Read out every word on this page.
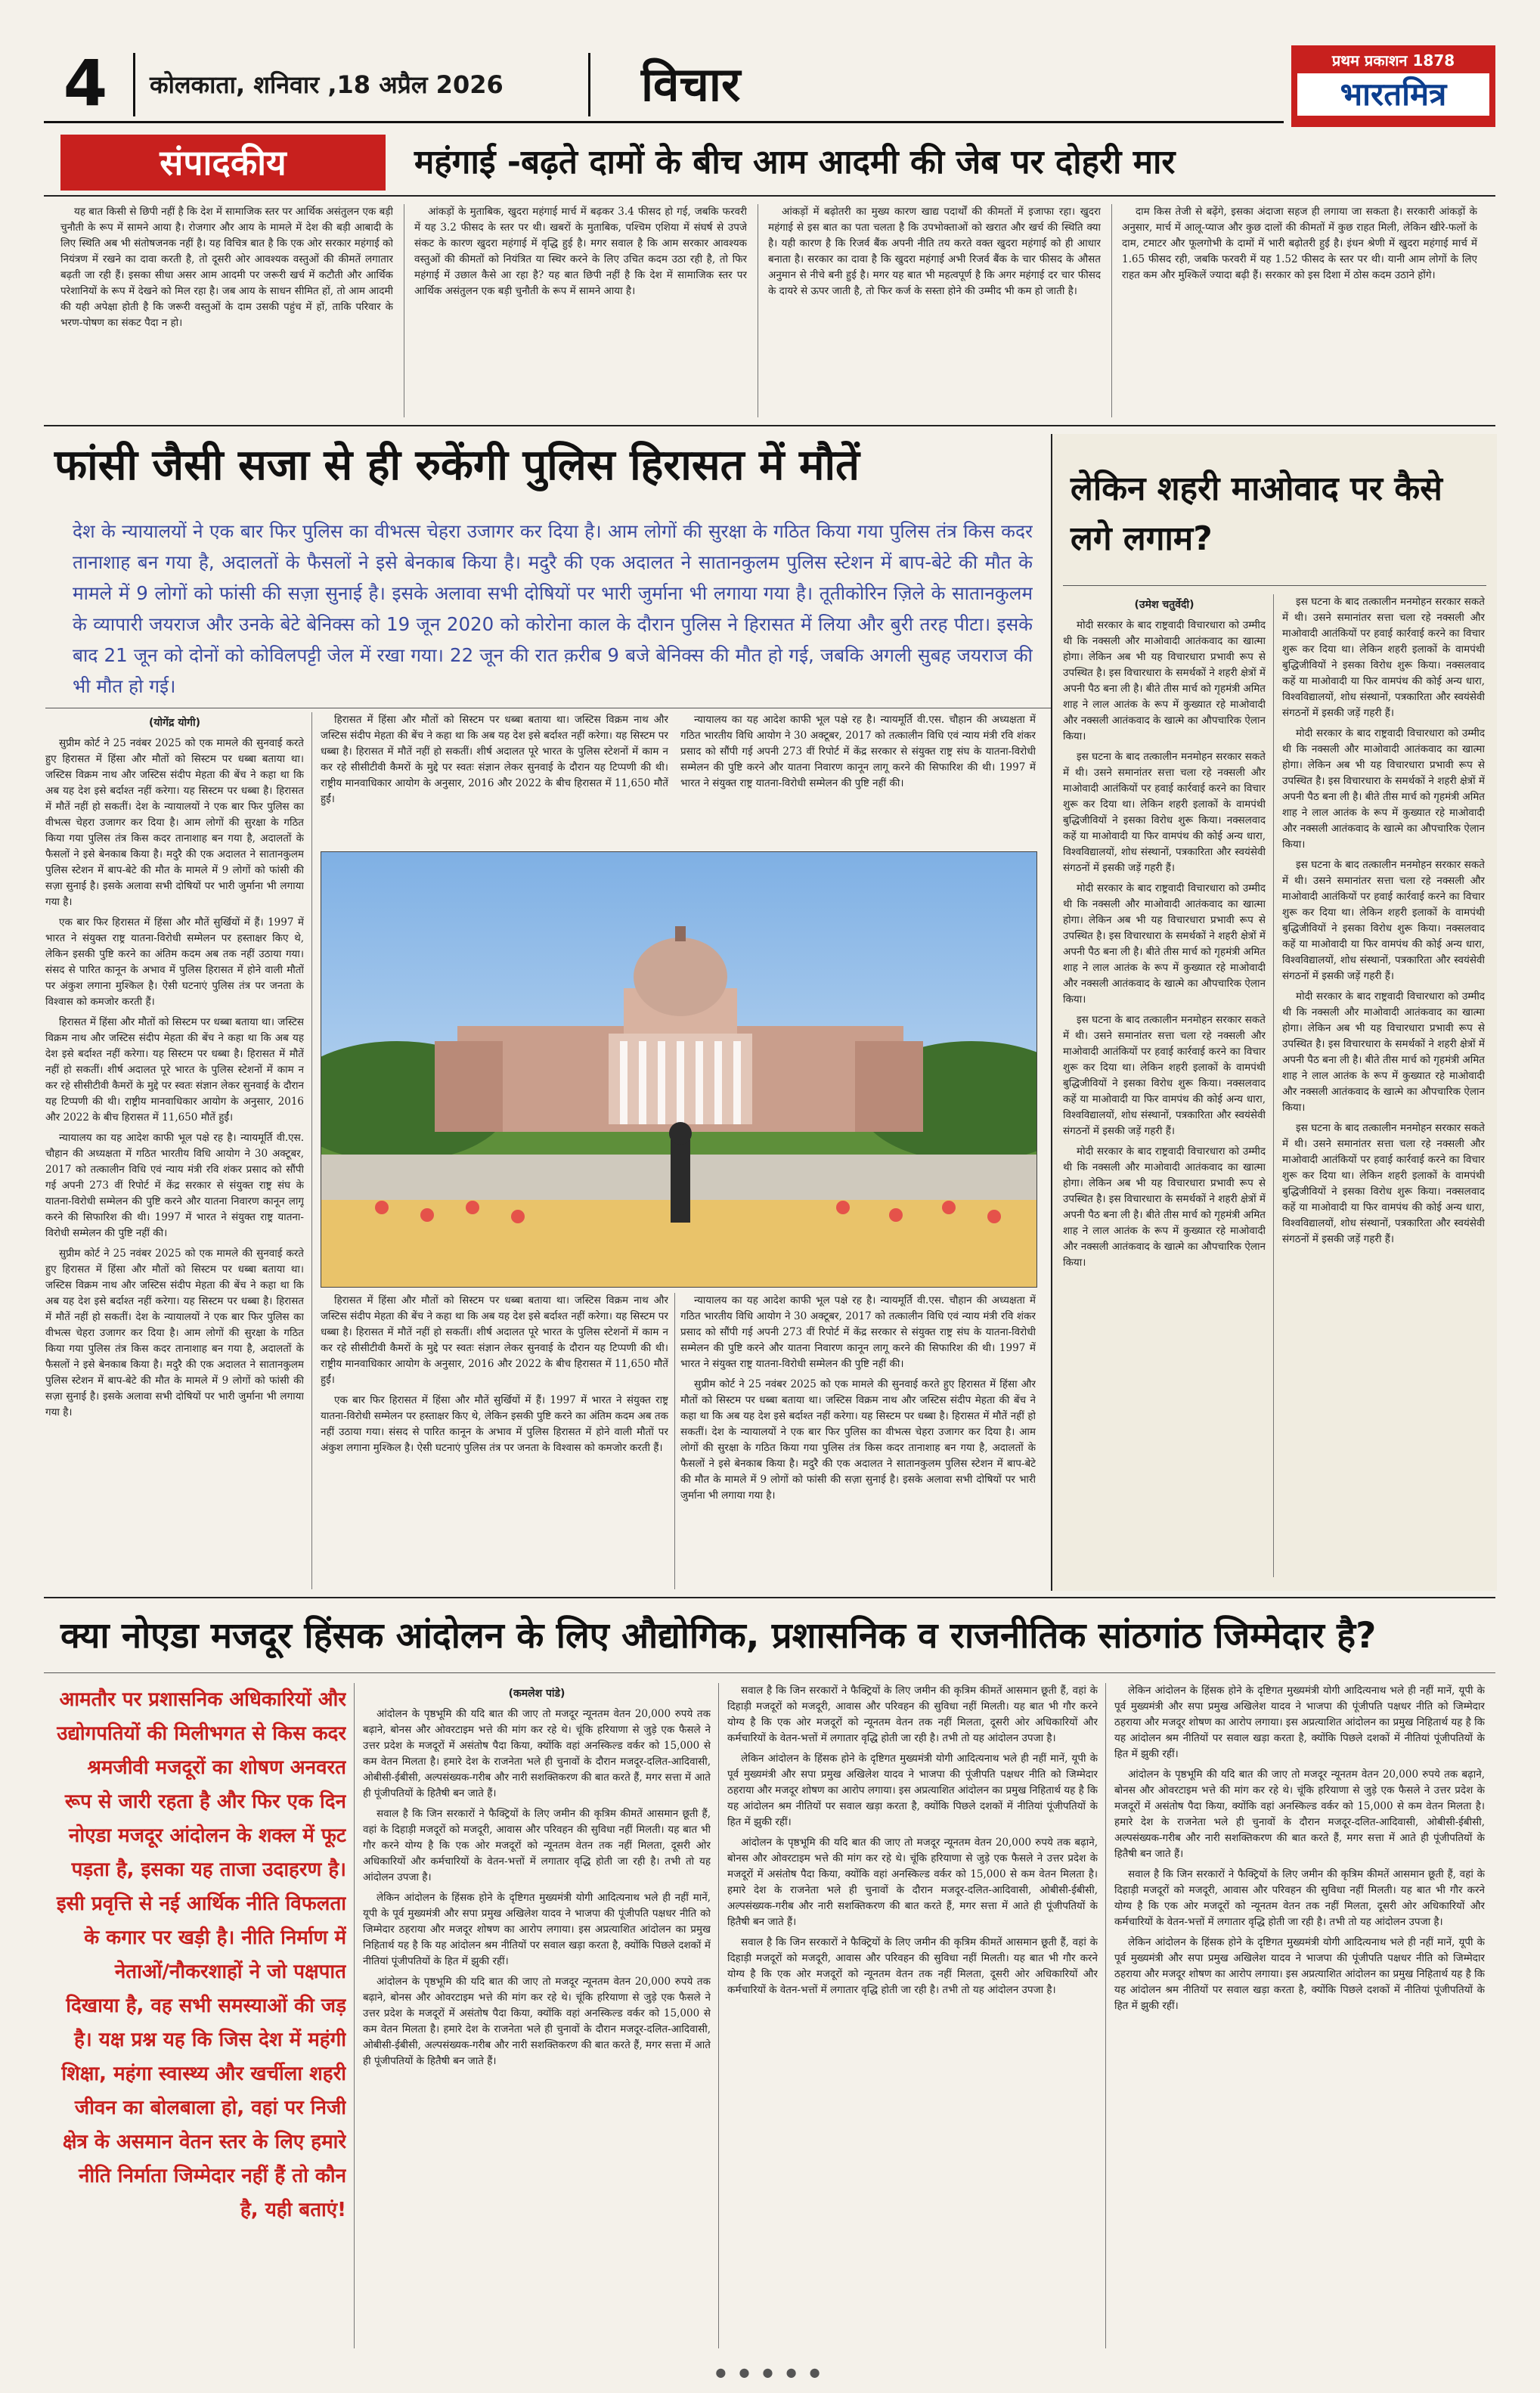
4	कोलकाता, शनिवार ,18 अप्रैल 2026	विचार	प्रथम प्रकाशन 1878
भारतमित्र
संपादकीय	महंगाई -बढ़ते दामों के बीच आम आदमी की जेब पर दोहरी मार

यह बात किसी से छिपी नहीं है कि देश में सामाजिक स्तर पर आर्थिक असंतुलन एक बड़ी चुनौती के रूप में सामने आया है। रोजगार और आय के मामले में देश की बड़ी आबादी के लिए स्थिति अब भी संतोषजनक नहीं है। यह विचित्र बात है कि एक ओर सरकार महंगाई को नियंत्रण में रखने का दावा करती है, तो दूसरी ओर आवश्यक वस्तुओं की कीमतें लगातार बढ़ती जा रही हैं। इसका सीधा असर आम आदमी पर जरूरी खर्च में कटौती और आर्थिक परेशानियों के रूप में देखने को मिल रहा है। जब आय के साधन सीमित हों, तो आम आदमी की यही अपेक्षा होती है कि जरूरी वस्तुओं के दाम उसकी पहुंच में हों, ताकि परिवार के भरण-पोषण का संकट पैदा न हो।

आंकड़ों के मुताबिक, खुदरा महंगाई मार्च में बढ़कर 3.4 फीसद हो गई, जबकि फरवरी में यह 3.2 फीसद के स्तर पर थी। खबरों के मुताबिक, पश्चिम एशिया में संघर्ष से उपजे संकट के कारण खुदरा महंगाई में वृद्धि हुई है। मगर सवाल है कि आम सरकार आवश्यक वस्तुओं की कीमतों को नियंत्रित या स्थिर करने के लिए उचित कदम उठा रही है, तो फिर महंगाई में उछाल कैसे आ रहा है? यह बात छिपी नहीं है कि देश में सामाजिक स्तर पर आर्थिक असंतुलन एक बड़ी चुनौती के रूप में सामने आया है।

आंकड़ों में बढ़ोतरी का मुख्य कारण खाद्य पदार्थों की कीमतों में इजाफा रहा। खुदरा महंगाई से इस बात का पता चलता है कि उपभोक्ताओं को खरात और खर्च की स्थिति क्या है। यही कारण है कि रिजर्व बैंक अपनी नीति तय करते वक्त खुदरा महंगाई को ही आधार बनाता है। सरकार का दावा है कि खुदरा महंगाई अभी रिजर्व बैंक के चार फीसद के औसत अनुमान से नीचे बनी हुई है। मगर यह बात भी महत्वपूर्ण है कि अगर महंगाई दर चार फीसद के दायरे से ऊपर जाती है, तो फिर कर्ज के सस्ता होने की उम्मीद भी कम हो जाती है।

दाम किस तेजी से बढ़ेंगे, इसका अंदाजा सहज ही लगाया जा सकता है। सरकारी आंकड़ों के अनुसार, मार्च में आलू-प्याज और कुछ दालों की कीमतों में कुछ राहत मिली, लेकिन खीरे-फलों के दाम, टमाटर और फूलगोभी के दामों में भारी बढ़ोतरी हुई है। इंधन श्रेणी में खुदरा महंगाई मार्च में 1.65 फीसद रही, जबकि फरवरी में यह 1.52 फीसद के स्तर पर थी। यानी आम लोगों के लिए राहत कम और मुश्किलें ज्यादा बढ़ी हैं। सरकार को इस दिशा में ठोस कदम उठाने होंगे।

फांसी जैसी सजा से ही रुकेंगी पुलिस हिरासत में मौतें
देश के न्यायालयों ने एक बार फिर पुलिस का वीभत्स चेहरा उजागर कर दिया है। आम लोगों की सुरक्षा के गठित किया गया पुलिस तंत्र किस कदर तानाशाह बन गया है, अदालतों के फैसलों ने इसे बेनकाब किया है। मदुरै की एक अदालत ने सातानकुलम पुलिस स्टेशन में बाप-बेटे की मौत के मामले में 9 लोगों को फांसी की सज़ा सुनाई है। इसके अलावा सभी दोषियों पर भारी जुर्माना भी लगाया गया है। तूतीकोरिन ज़िले के सातानकुलम के व्यापारी जयराज और उनके बेटे बेनिक्स को 19 जून 2020 को कोरोना काल के दौरान पुलिस ने हिरासत में लिया और बुरी तरह पीटा। इसके बाद 21 जून को दोनों को कोविलपट्टी जेल में रखा गया। 22 जून की रात क़रीब 9 बजे बेनिक्स की मौत हो गई, जबकि अगली सुबह जयराज की भी मौत हो गई।
(योगेंद्र योगी)

सुप्रीम कोर्ट ने 25 नवंबर 2025 को एक मामले की सुनवाई करते हुए हिरासत में हिंसा और मौतों को सिस्टम पर धब्बा बताया था। जस्टिस विक्रम नाथ और जस्टिस संदीप मेहता की बेंच ने कहा था कि अब यह देश इसे बर्दाश्त नहीं करेगा। यह सिस्टम पर धब्बा है। हिरासत में मौतें नहीं हो सकतीं। देश के न्यायालयों ने एक बार फिर पुलिस का वीभत्स चेहरा उजागर कर दिया है। आम लोगों की सुरक्षा के गठित किया गया पुलिस तंत्र किस कदर तानाशाह बन गया है, अदालतों के फैसलों ने इसे बेनकाब किया है। मदुरै की एक अदालत ने सातानकुलम पुलिस स्टेशन में बाप-बेटे की मौत के मामले में 9 लोगों को फांसी की सज़ा सुनाई है। इसके अलावा सभी दोषियों पर भारी जुर्माना भी लगाया गया है।

एक बार फिर हिरासत में हिंसा और मौतें सुर्खियों में हैं। 1997 में भारत ने संयुक्त राष्ट्र यातना-विरोधी सम्मेलन पर हस्ताक्षर किए थे, लेकिन इसकी पुष्टि करने का अंतिम कदम अब तक नहीं उठाया गया। संसद से पारित कानून के अभाव में पुलिस हिरासत में होने वाली मौतों पर अंकुश लगाना मुश्किल है। ऐसी घटनाएं पुलिस तंत्र पर जनता के विश्वास को कमजोर करती हैं।

हिरासत में हिंसा और मौतों को सिस्टम पर धब्बा बताया था। जस्टिस विक्रम नाथ और जस्टिस संदीप मेहता की बेंच ने कहा था कि अब यह देश इसे बर्दाश्त नहीं करेगा। यह सिस्टम पर धब्बा है। हिरासत में मौतें नहीं हो सकतीं। शीर्ष अदालत पूरे भारत के पुलिस स्टेशनों में काम न कर रहे सीसीटीवी कैमरों के मुद्दे पर स्वतः संज्ञान लेकर सुनवाई के दौरान यह टिप्पणी की थी। राष्ट्रीय मानवाधिकार आयोग के अनुसार, 2016 और 2022 के बीच हिरासत में 11,650 मौतें हुईं।

न्यायालय का यह आदेश काफी भूल पक्षे रह है। न्यायमूर्ति वी.एस. चौहान की अध्यक्षता में गठित भारतीय विधि आयोग ने 30 अक्टूबर, 2017 को तत्कालीन विधि एवं न्याय मंत्री रवि शंकर प्रसाद को सौंपी गई अपनी 273 वीं रिपोर्ट में केंद्र सरकार से संयुक्त राष्ट्र संघ के यातना-विरोधी सम्मेलन की पुष्टि करने और यातना निवारण कानून लागू करने की सिफारिश की थी। 1997 में भारत ने संयुक्त राष्ट्र यातना-विरोधी सम्मेलन की पुष्टि नहीं की।

सुप्रीम कोर्ट ने 25 नवंबर 2025 को एक मामले की सुनवाई करते हुए हिरासत में हिंसा और मौतों को सिस्टम पर धब्बा बताया था। जस्टिस विक्रम नाथ और जस्टिस संदीप मेहता की बेंच ने कहा था कि अब यह देश इसे बर्दाश्त नहीं करेगा। यह सिस्टम पर धब्बा है। हिरासत में मौतें नहीं हो सकतीं। देश के न्यायालयों ने एक बार फिर पुलिस का वीभत्स चेहरा उजागर कर दिया है। आम लोगों की सुरक्षा के गठित किया गया पुलिस तंत्र किस कदर तानाशाह बन गया है, अदालतों के फैसलों ने इसे बेनकाब किया है। मदुरै की एक अदालत ने सातानकुलम पुलिस स्टेशन में बाप-बेटे की मौत के मामले में 9 लोगों को फांसी की सज़ा सुनाई है। इसके अलावा सभी दोषियों पर भारी जुर्माना भी लगाया गया है।

हिरासत में हिंसा और मौतों को सिस्टम पर धब्बा बताया था। जस्टिस विक्रम नाथ और जस्टिस संदीप मेहता की बेंच ने कहा था कि अब यह देश इसे बर्दाश्त नहीं करेगा। यह सिस्टम पर धब्बा है। हिरासत में मौतें नहीं हो सकतीं। शीर्ष अदालत पूरे भारत के पुलिस स्टेशनों में काम न कर रहे सीसीटीवी कैमरों के मुद्दे पर स्वतः संज्ञान लेकर सुनवाई के दौरान यह टिप्पणी की थी। राष्ट्रीय मानवाधिकार आयोग के अनुसार, 2016 और 2022 के बीच हिरासत में 11,650 मौतें हुईं।

न्यायालय का यह आदेश काफी भूल पक्षे रह है। न्यायमूर्ति वी.एस. चौहान की अध्यक्षता में गठित भारतीय विधि आयोग ने 30 अक्टूबर, 2017 को तत्कालीन विधि एवं न्याय मंत्री रवि शंकर प्रसाद को सौंपी गई अपनी 273 वीं रिपोर्ट में केंद्र सरकार से संयुक्त राष्ट्र संघ के यातना-विरोधी सम्मेलन की पुष्टि करने और यातना निवारण कानून लागू करने की सिफारिश की थी। 1997 में भारत ने संयुक्त राष्ट्र यातना-विरोधी सम्मेलन की पुष्टि नहीं की।

हिरासत में हिंसा और मौतों को सिस्टम पर धब्बा बताया था। जस्टिस विक्रम नाथ और जस्टिस संदीप मेहता की बेंच ने कहा था कि अब यह देश इसे बर्दाश्त नहीं करेगा। यह सिस्टम पर धब्बा है। हिरासत में मौतें नहीं हो सकतीं। शीर्ष अदालत पूरे भारत के पुलिस स्टेशनों में काम न कर रहे सीसीटीवी कैमरों के मुद्दे पर स्वतः संज्ञान लेकर सुनवाई के दौरान यह टिप्पणी की थी। राष्ट्रीय मानवाधिकार आयोग के अनुसार, 2016 और 2022 के बीच हिरासत में 11,650 मौतें हुईं।

एक बार फिर हिरासत में हिंसा और मौतें सुर्खियों में हैं। 1997 में भारत ने संयुक्त राष्ट्र यातना-विरोधी सम्मेलन पर हस्ताक्षर किए थे, लेकिन इसकी पुष्टि करने का अंतिम कदम अब तक नहीं उठाया गया। संसद से पारित कानून के अभाव में पुलिस हिरासत में होने वाली मौतों पर अंकुश लगाना मुश्किल है। ऐसी घटनाएं पुलिस तंत्र पर जनता के विश्वास को कमजोर करती हैं।

न्यायालय का यह आदेश काफी भूल पक्षे रह है। न्यायमूर्ति वी.एस. चौहान की अध्यक्षता में गठित भारतीय विधि आयोग ने 30 अक्टूबर, 2017 को तत्कालीन विधि एवं न्याय मंत्री रवि शंकर प्रसाद को सौंपी गई अपनी 273 वीं रिपोर्ट में केंद्र सरकार से संयुक्त राष्ट्र संघ के यातना-विरोधी सम्मेलन की पुष्टि करने और यातना निवारण कानून लागू करने की सिफारिश की थी। 1997 में भारत ने संयुक्त राष्ट्र यातना-विरोधी सम्मेलन की पुष्टि नहीं की।

सुप्रीम कोर्ट ने 25 नवंबर 2025 को एक मामले की सुनवाई करते हुए हिरासत में हिंसा और मौतों को सिस्टम पर धब्बा बताया था। जस्टिस विक्रम नाथ और जस्टिस संदीप मेहता की बेंच ने कहा था कि अब यह देश इसे बर्दाश्त नहीं करेगा। यह सिस्टम पर धब्बा है। हिरासत में मौतें नहीं हो सकतीं। देश के न्यायालयों ने एक बार फिर पुलिस का वीभत्स चेहरा उजागर कर दिया है। आम लोगों की सुरक्षा के गठित किया गया पुलिस तंत्र किस कदर तानाशाह बन गया है, अदालतों के फैसलों ने इसे बेनकाब किया है। मदुरै की एक अदालत ने सातानकुलम पुलिस स्टेशन में बाप-बेटे की मौत के मामले में 9 लोगों को फांसी की सज़ा सुनाई है। इसके अलावा सभी दोषियों पर भारी जुर्माना भी लगाया गया है।

लेकिन शहरी माओवाद पर कैसे लगे लगाम?
(उमेश चतुर्वेदी)

मोदी सरकार के बाद राष्ट्रवादी विचारधारा को उम्मीद थी कि नक्सली और माओवादी आतंकवाद का खात्मा होगा। लेकिन अब भी यह विचारधारा प्रभावी रूप से उपस्थित है। इस विचारधारा के समर्थकों ने शहरी क्षेत्रों में अपनी पैठ बना ली है। बीते तीस मार्च को गृहमंत्री अमित शाह ने लाल आतंक के रूप में कुख्यात रहे माओवादी और नक्सली आतंकवाद के खात्मे का औपचारिक ऐलान किया।

इस घटना के बाद तत्कालीन मनमोहन सरकार सकते में थी। उसने समानांतर सत्ता चला रहे नक्सली और माओवादी आतंकियों पर हवाई कार्रवाई करने का विचार शुरू कर दिया था। लेकिन शहरी इलाकों के वामपंथी बुद्धिजीवियों ने इसका विरोध शुरू किया। नक्सलवाद कहें या माओवादी या फिर वामपंथ की कोई अन्य धारा, विश्वविद्यालयों, शोध संस्थानों, पत्रकारिता और स्वयंसेवी संगठनों में इसकी जड़ें गहरी हैं।

मोदी सरकार के बाद राष्ट्रवादी विचारधारा को उम्मीद थी कि नक्सली और माओवादी आतंकवाद का खात्मा होगा। लेकिन अब भी यह विचारधारा प्रभावी रूप से उपस्थित है। इस विचारधारा के समर्थकों ने शहरी क्षेत्रों में अपनी पैठ बना ली है। बीते तीस मार्च को गृहमंत्री अमित शाह ने लाल आतंक के रूप में कुख्यात रहे माओवादी और नक्सली आतंकवाद के खात्मे का औपचारिक ऐलान किया।

इस घटना के बाद तत्कालीन मनमोहन सरकार सकते में थी। उसने समानांतर सत्ता चला रहे नक्सली और माओवादी आतंकियों पर हवाई कार्रवाई करने का विचार शुरू कर दिया था। लेकिन शहरी इलाकों के वामपंथी बुद्धिजीवियों ने इसका विरोध शुरू किया। नक्सलवाद कहें या माओवादी या फिर वामपंथ की कोई अन्य धारा, विश्वविद्यालयों, शोध संस्थानों, पत्रकारिता और स्वयंसेवी संगठनों में इसकी जड़ें गहरी हैं।

मोदी सरकार के बाद राष्ट्रवादी विचारधारा को उम्मीद थी कि नक्सली और माओवादी आतंकवाद का खात्मा होगा। लेकिन अब भी यह विचारधारा प्रभावी रूप से उपस्थित है। इस विचारधारा के समर्थकों ने शहरी क्षेत्रों में अपनी पैठ बना ली है। बीते तीस मार्च को गृहमंत्री अमित शाह ने लाल आतंक के रूप में कुख्यात रहे माओवादी और नक्सली आतंकवाद के खात्मे का औपचारिक ऐलान किया।

इस घटना के बाद तत्कालीन मनमोहन सरकार सकते में थी। उसने समानांतर सत्ता चला रहे नक्सली और माओवादी आतंकियों पर हवाई कार्रवाई करने का विचार शुरू कर दिया था। लेकिन शहरी इलाकों के वामपंथी बुद्धिजीवियों ने इसका विरोध शुरू किया। नक्सलवाद कहें या माओवादी या फिर वामपंथ की कोई अन्य धारा, विश्वविद्यालयों, शोध संस्थानों, पत्रकारिता और स्वयंसेवी संगठनों में इसकी जड़ें गहरी हैं।

मोदी सरकार के बाद राष्ट्रवादी विचारधारा को उम्मीद थी कि नक्सली और माओवादी आतंकवाद का खात्मा होगा। लेकिन अब भी यह विचारधारा प्रभावी रूप से उपस्थित है। इस विचारधारा के समर्थकों ने शहरी क्षेत्रों में अपनी पैठ बना ली है। बीते तीस मार्च को गृहमंत्री अमित शाह ने लाल आतंक के रूप में कुख्यात रहे माओवादी और नक्सली आतंकवाद के खात्मे का औपचारिक ऐलान किया।

इस घटना के बाद तत्कालीन मनमोहन सरकार सकते में थी। उसने समानांतर सत्ता चला रहे नक्सली और माओवादी आतंकियों पर हवाई कार्रवाई करने का विचार शुरू कर दिया था। लेकिन शहरी इलाकों के वामपंथी बुद्धिजीवियों ने इसका विरोध शुरू किया। नक्सलवाद कहें या माओवादी या फिर वामपंथ की कोई अन्य धारा, विश्वविद्यालयों, शोध संस्थानों, पत्रकारिता और स्वयंसेवी संगठनों में इसकी जड़ें गहरी हैं।

मोदी सरकार के बाद राष्ट्रवादी विचारधारा को उम्मीद थी कि नक्सली और माओवादी आतंकवाद का खात्मा होगा। लेकिन अब भी यह विचारधारा प्रभावी रूप से उपस्थित है। इस विचारधारा के समर्थकों ने शहरी क्षेत्रों में अपनी पैठ बना ली है। बीते तीस मार्च को गृहमंत्री अमित शाह ने लाल आतंक के रूप में कुख्यात रहे माओवादी और नक्सली आतंकवाद के खात्मे का औपचारिक ऐलान किया।

इस घटना के बाद तत्कालीन मनमोहन सरकार सकते में थी। उसने समानांतर सत्ता चला रहे नक्सली और माओवादी आतंकियों पर हवाई कार्रवाई करने का विचार शुरू कर दिया था। लेकिन शहरी इलाकों के वामपंथी बुद्धिजीवियों ने इसका विरोध शुरू किया। नक्सलवाद कहें या माओवादी या फिर वामपंथ की कोई अन्य धारा, विश्वविद्यालयों, शोध संस्थानों, पत्रकारिता और स्वयंसेवी संगठनों में इसकी जड़ें गहरी हैं।

क्या नोएडा मजदूर हिंसक आंदोलन के लिए औद्योगिक, प्रशासनिक व राजनीतिक सांठगांठ जिम्मेदार है?
आमतौर पर प्रशासनिक अधिकारियों और उद्योगपतियों की मिलीभगत से किस कदर श्रमजीवी मजदूरों का शोषण अनवरत रूप से जारी रहता है और फिर एक दिन नोएडा मजदूर आंदोलन के शक्ल में फूट पड़ता है, इसका यह ताजा उदाहरण है। इसी प्रवृत्ति से नई आर्थिक नीति विफलता के कगार पर खड़ी है। नीति निर्माण में नेताओं/नौकरशाहों ने जो पक्षपात दिखाया है, वह सभी समस्याओं की जड़ है। यक्ष प्रश्न यह कि जिस देश में महंगी शिक्षा, महंगा स्वास्थ्य और खर्चीला शहरी जीवन का बोलबाला हो, वहां पर निजी क्षेत्र के असमान वेतन स्तर के लिए हमारे नीति निर्माता जिम्मेदार नहीं हैं तो कौन है, यही बताएं!
(कमलेश पांडे)

आंदोलन के पृष्ठभूमि की यदि बात की जाए तो मजदूर न्यूनतम वेतन 20,000 रुपये तक बढ़ाने, बोनस और ओवरटाइम भत्ते की मांग कर रहे थे। चूंकि हरियाणा से जुड़े एक फैसले ने उत्तर प्रदेश के मजदूरों में असंतोष पैदा किया, क्योंकि वहां अनस्किल्ड वर्कर को 15,000 से कम वेतन मिलता है। हमारे देश के राजनेता भले ही चुनावों के दौरान मजदूर-दलित-आदिवासी, ओबीसी-ईबीसी, अल्पसंख्यक-गरीब और नारी सशक्तिकरण की बात करते हैं, मगर सत्ता में आते ही पूंजीपतियों के हितैषी बन जाते हैं।

सवाल है कि जिन सरकारों ने फैक्ट्रियों के लिए जमीन की कृत्रिम कीमतें आसमान छूती हैं, वहां के दिहाड़ी मजदूरों को मजदूरी, आवास और परिवहन की सुविधा नहीं मिलती। यह बात भी गौर करने योग्य है कि एक ओर मजदूरों को न्यूनतम वेतन तक नहीं मिलता, दूसरी ओर अधिकारियों और कर्मचारियों के वेतन-भत्तों में लगातार वृद्धि होती जा रही है। तभी तो यह आंदोलन उपजा है।

लेकिन आंदोलन के हिंसक होने के दृष्टिगत मुख्यमंत्री योगी आदित्यनाथ भले ही नहीं मानें, यूपी के पूर्व मुख्यमंत्री और सपा प्रमुख अखिलेश यादव ने भाजपा की पूंजीपति पक्षधर नीति को जिम्मेदार ठहराया और मजदूर शोषण का आरोप लगाया। इस अप्रत्याशित आंदोलन का प्रमुख निहितार्थ यह है कि यह आंदोलन श्रम नीतियों पर सवाल खड़ा करता है, क्योंकि पिछले दशकों में नीतियां पूंजीपतियों के हित में झुकी रहीं।

आंदोलन के पृष्ठभूमि की यदि बात की जाए तो मजदूर न्यूनतम वेतन 20,000 रुपये तक बढ़ाने, बोनस और ओवरटाइम भत्ते की मांग कर रहे थे। चूंकि हरियाणा से जुड़े एक फैसले ने उत्तर प्रदेश के मजदूरों में असंतोष पैदा किया, क्योंकि वहां अनस्किल्ड वर्कर को 15,000 से कम वेतन मिलता है। हमारे देश के राजनेता भले ही चुनावों के दौरान मजदूर-दलित-आदिवासी, ओबीसी-ईबीसी, अल्पसंख्यक-गरीब और नारी सशक्तिकरण की बात करते हैं, मगर सत्ता में आते ही पूंजीपतियों के हितैषी बन जाते हैं।

सवाल है कि जिन सरकारों ने फैक्ट्रियों के लिए जमीन की कृत्रिम कीमतें आसमान छूती हैं, वहां के दिहाड़ी मजदूरों को मजदूरी, आवास और परिवहन की सुविधा नहीं मिलती। यह बात भी गौर करने योग्य है कि एक ओर मजदूरों को न्यूनतम वेतन तक नहीं मिलता, दूसरी ओर अधिकारियों और कर्मचारियों के वेतन-भत्तों में लगातार वृद्धि होती जा रही है। तभी तो यह आंदोलन उपजा है।

लेकिन आंदोलन के हिंसक होने के दृष्टिगत मुख्यमंत्री योगी आदित्यनाथ भले ही नहीं मानें, यूपी के पूर्व मुख्यमंत्री और सपा प्रमुख अखिलेश यादव ने भाजपा की पूंजीपति पक्षधर नीति को जिम्मेदार ठहराया और मजदूर शोषण का आरोप लगाया। इस अप्रत्याशित आंदोलन का प्रमुख निहितार्थ यह है कि यह आंदोलन श्रम नीतियों पर सवाल खड़ा करता है, क्योंकि पिछले दशकों में नीतियां पूंजीपतियों के हित में झुकी रहीं।

आंदोलन के पृष्ठभूमि की यदि बात की जाए तो मजदूर न्यूनतम वेतन 20,000 रुपये तक बढ़ाने, बोनस और ओवरटाइम भत्ते की मांग कर रहे थे। चूंकि हरियाणा से जुड़े एक फैसले ने उत्तर प्रदेश के मजदूरों में असंतोष पैदा किया, क्योंकि वहां अनस्किल्ड वर्कर को 15,000 से कम वेतन मिलता है। हमारे देश के राजनेता भले ही चुनावों के दौरान मजदूर-दलित-आदिवासी, ओबीसी-ईबीसी, अल्पसंख्यक-गरीब और नारी सशक्तिकरण की बात करते हैं, मगर सत्ता में आते ही पूंजीपतियों के हितैषी बन जाते हैं।

सवाल है कि जिन सरकारों ने फैक्ट्रियों के लिए जमीन की कृत्रिम कीमतें आसमान छूती हैं, वहां के दिहाड़ी मजदूरों को मजदूरी, आवास और परिवहन की सुविधा नहीं मिलती। यह बात भी गौर करने योग्य है कि एक ओर मजदूरों को न्यूनतम वेतन तक नहीं मिलता, दूसरी ओर अधिकारियों और कर्मचारियों के वेतन-भत्तों में लगातार वृद्धि होती जा रही है। तभी तो यह आंदोलन उपजा है।

लेकिन आंदोलन के हिंसक होने के दृष्टिगत मुख्यमंत्री योगी आदित्यनाथ भले ही नहीं मानें, यूपी के पूर्व मुख्यमंत्री और सपा प्रमुख अखिलेश यादव ने भाजपा की पूंजीपति पक्षधर नीति को जिम्मेदार ठहराया और मजदूर शोषण का आरोप लगाया। इस अप्रत्याशित आंदोलन का प्रमुख निहितार्थ यह है कि यह आंदोलन श्रम नीतियों पर सवाल खड़ा करता है, क्योंकि पिछले दशकों में नीतियां पूंजीपतियों के हित में झुकी रहीं।

आंदोलन के पृष्ठभूमि की यदि बात की जाए तो मजदूर न्यूनतम वेतन 20,000 रुपये तक बढ़ाने, बोनस और ओवरटाइम भत्ते की मांग कर रहे थे। चूंकि हरियाणा से जुड़े एक फैसले ने उत्तर प्रदेश के मजदूरों में असंतोष पैदा किया, क्योंकि वहां अनस्किल्ड वर्कर को 15,000 से कम वेतन मिलता है। हमारे देश के राजनेता भले ही चुनावों के दौरान मजदूर-दलित-आदिवासी, ओबीसी-ईबीसी, अल्पसंख्यक-गरीब और नारी सशक्तिकरण की बात करते हैं, मगर सत्ता में आते ही पूंजीपतियों के हितैषी बन जाते हैं।

सवाल है कि जिन सरकारों ने फैक्ट्रियों के लिए जमीन की कृत्रिम कीमतें आसमान छूती हैं, वहां के दिहाड़ी मजदूरों को मजदूरी, आवास और परिवहन की सुविधा नहीं मिलती। यह बात भी गौर करने योग्य है कि एक ओर मजदूरों को न्यूनतम वेतन तक नहीं मिलता, दूसरी ओर अधिकारियों और कर्मचारियों के वेतन-भत्तों में लगातार वृद्धि होती जा रही है। तभी तो यह आंदोलन उपजा है।

लेकिन आंदोलन के हिंसक होने के दृष्टिगत मुख्यमंत्री योगी आदित्यनाथ भले ही नहीं मानें, यूपी के पूर्व मुख्यमंत्री और सपा प्रमुख अखिलेश यादव ने भाजपा की पूंजीपति पक्षधर नीति को जिम्मेदार ठहराया और मजदूर शोषण का आरोप लगाया। इस अप्रत्याशित आंदोलन का प्रमुख निहितार्थ यह है कि यह आंदोलन श्रम नीतियों पर सवाल खड़ा करता है, क्योंकि पिछले दशकों में नीतियां पूंजीपतियों के हित में झुकी रहीं।

● ● ● ● ●
